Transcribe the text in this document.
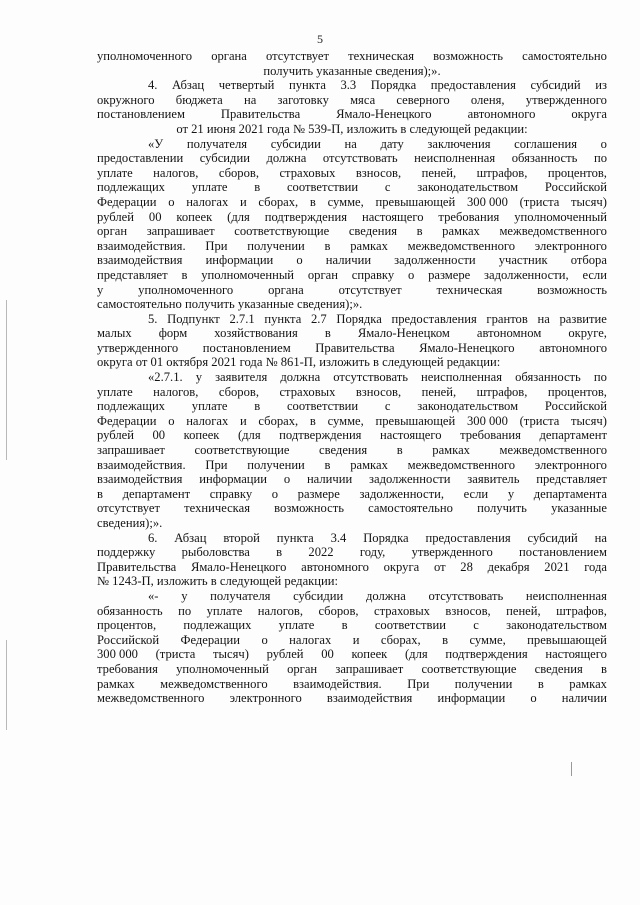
5
уполномоченного органа отсутствует техническая возможность самостоятельно
получить указанные сведения);».
4. Абзац четвертый пункта 3.3 Порядка предоставления субсидий из
окружного бюджета на заготовку мяса северного оленя, утвержденного
постановлением	Правительства	Ямало-Ненецкого	автономного	округа
от 21 июня 2021 года № 539-П, изложить в следующей редакции:
«У получателя субсидии на дату заключения соглашения о
предоставлении субсидии должна отсутствовать неисполненная обязанность по
уплате налогов, сборов, страховых взносов, пеней, штрафов, процентов,
подлежащих уплате в соответствии с законодательством Российской
Федерации о налогах и сборах, в сумме, превышающей 300 000 (триста тысяч)
рублей 00 копеек (для подтверждения настоящего требования уполномоченный
орган запрашивает соответствующие сведения в рамках межведомственного
взаимодействия. При получении в рамках межведомственного электронного
взаимодействия информации о наличии задолженности участник отбора
представляет в уполномоченный орган справку о размере задолженности, если
у	уполномоченного	органа	отсутствует	техническая	возможность
самостоятельно получить указанные сведения);».
5. Подпункт 2.7.1 пункта 2.7 Порядка предоставления грантов на развитие
малых форм хозяйствования в Ямало-Ненецком автономном округе,
утвержденного постановлением Правительства Ямало-Ненецкого автономного
округа от 01 октября 2021 года № 861-П, изложить в следующей редакции:
«2.7.1. у заявителя должна отсутствовать неисполненная обязанность по
уплате налогов, сборов, страховых взносов, пеней, штрафов, процентов,
подлежащих уплате в соответствии с законодательством Российской
Федерации о налогах и сборах, в сумме, превышающей 300 000 (триста тысяч)
рублей 00 копеек (для подтверждения настоящего требования департамент
запрашивает соответствующие сведения в рамках межведомственного
взаимодействия. При получении в рамках межведомственного электронного
взаимодействия информации о наличии задолженности заявитель представляет
в департамент справку о размере задолженности, если у департамента
отсутствует техническая возможность самостоятельно получить указанные
сведения);».
6. Абзац второй пункта 3.4 Порядка предоставления субсидий на
поддержку рыболовства в 2022 году, утвержденного постановлением
Правительства Ямало-Ненецкого автономного округа от 28 декабря 2021 года
№ 1243-П, изложить в следующей редакции:
«- у получателя субсидии должна отсутствовать неисполненная
обязанность по уплате налогов, сборов, страховых взносов, пеней, штрафов,
процентов, подлежащих уплате в соответствии с законодательством
Российской Федерации о налогах и сборах, в сумме, превышающей
300 000 (триста тысяч) рублей 00 копеек (для подтверждения настоящего
требования уполномоченный орган запрашивает соответствующие сведения в
рамках межведомственного взаимодействия. При получении в рамках
межведомственного электронного взаимодействия информации о наличии
